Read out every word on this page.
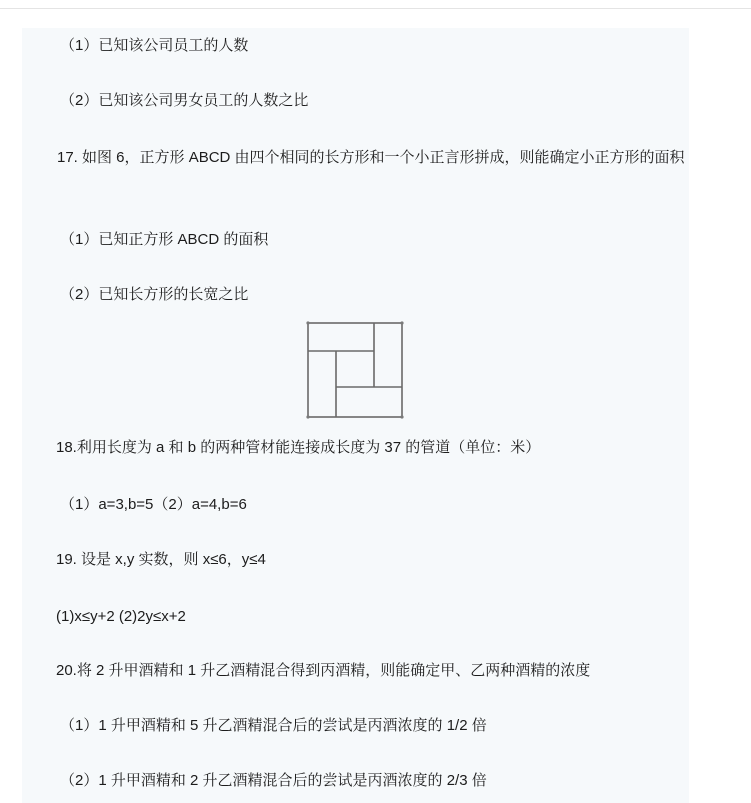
（1）已知该公司员工的人数
（2）已知该公司男女员工的人数之比
17. 如图 6，正方形 ABCD 由四个相同的长方形和一个小正言形拼成，则能确定小正方形的面积
（1）已知正方形 ABCD 的面积
（2）已知长方形的长宽之比
18.利用长度为 a 和 b 的两种管材能连接成长度为 37 的管道（单位：米）
（1）a=3,b=5（2）a=4,b=6
19. 设是 x,y 实数，则 x≤6，y≤4
(1)x≤y+2 (2)2y≤x+2
20.将 2 升甲酒精和 1 升乙酒精混合得到丙酒精，则能确定甲、乙两种酒精的浓度
（1）1 升甲酒精和 5 升乙酒精混合后的尝试是丙酒浓度的 1/2 倍
（2）1 升甲酒精和 2 升乙酒精混合后的尝试是丙酒浓度的 2/3 倍
